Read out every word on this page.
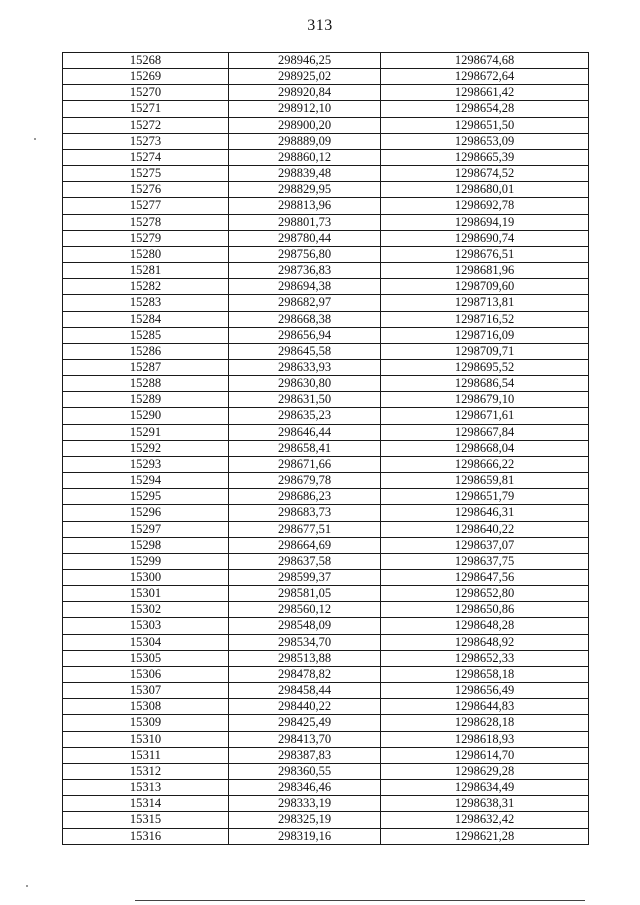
313
15268	298946,25	1298674,68
15269	298925,02	1298672,64
15270	298920,84	1298661,42
15271	298912,10	1298654,28
15272	298900,20	1298651,50
15273	298889,09	1298653,09
15274	298860,12	1298665,39
15275	298839,48	1298674,52
15276	298829,95	1298680,01
15277	298813,96	1298692,78
15278	298801,73	1298694,19
15279	298780,44	1298690,74
15280	298756,80	1298676,51
15281	298736,83	1298681,96
15282	298694,38	1298709,60
15283	298682,97	1298713,81
15284	298668,38	1298716,52
15285	298656,94	1298716,09
15286	298645,58	1298709,71
15287	298633,93	1298695,52
15288	298630,80	1298686,54
15289	298631,50	1298679,10
15290	298635,23	1298671,61
15291	298646,44	1298667,84
15292	298658,41	1298668,04
15293	298671,66	1298666,22
15294	298679,78	1298659,81
15295	298686,23	1298651,79
15296	298683,73	1298646,31
15297	298677,51	1298640,22
15298	298664,69	1298637,07
15299	298637,58	1298637,75
15300	298599,37	1298647,56
15301	298581,05	1298652,80
15302	298560,12	1298650,86
15303	298548,09	1298648,28
15304	298534,70	1298648,92
15305	298513,88	1298652,33
15306	298478,82	1298658,18
15307	298458,44	1298656,49
15308	298440,22	1298644,83
15309	298425,49	1298628,18
15310	298413,70	1298618,93
15311	298387,83	1298614,70
15312	298360,55	1298629,28
15313	298346,46	1298634,49
15314	298333,19	1298638,31
15315	298325,19	1298632,42
15316	298319,16	1298621,28
